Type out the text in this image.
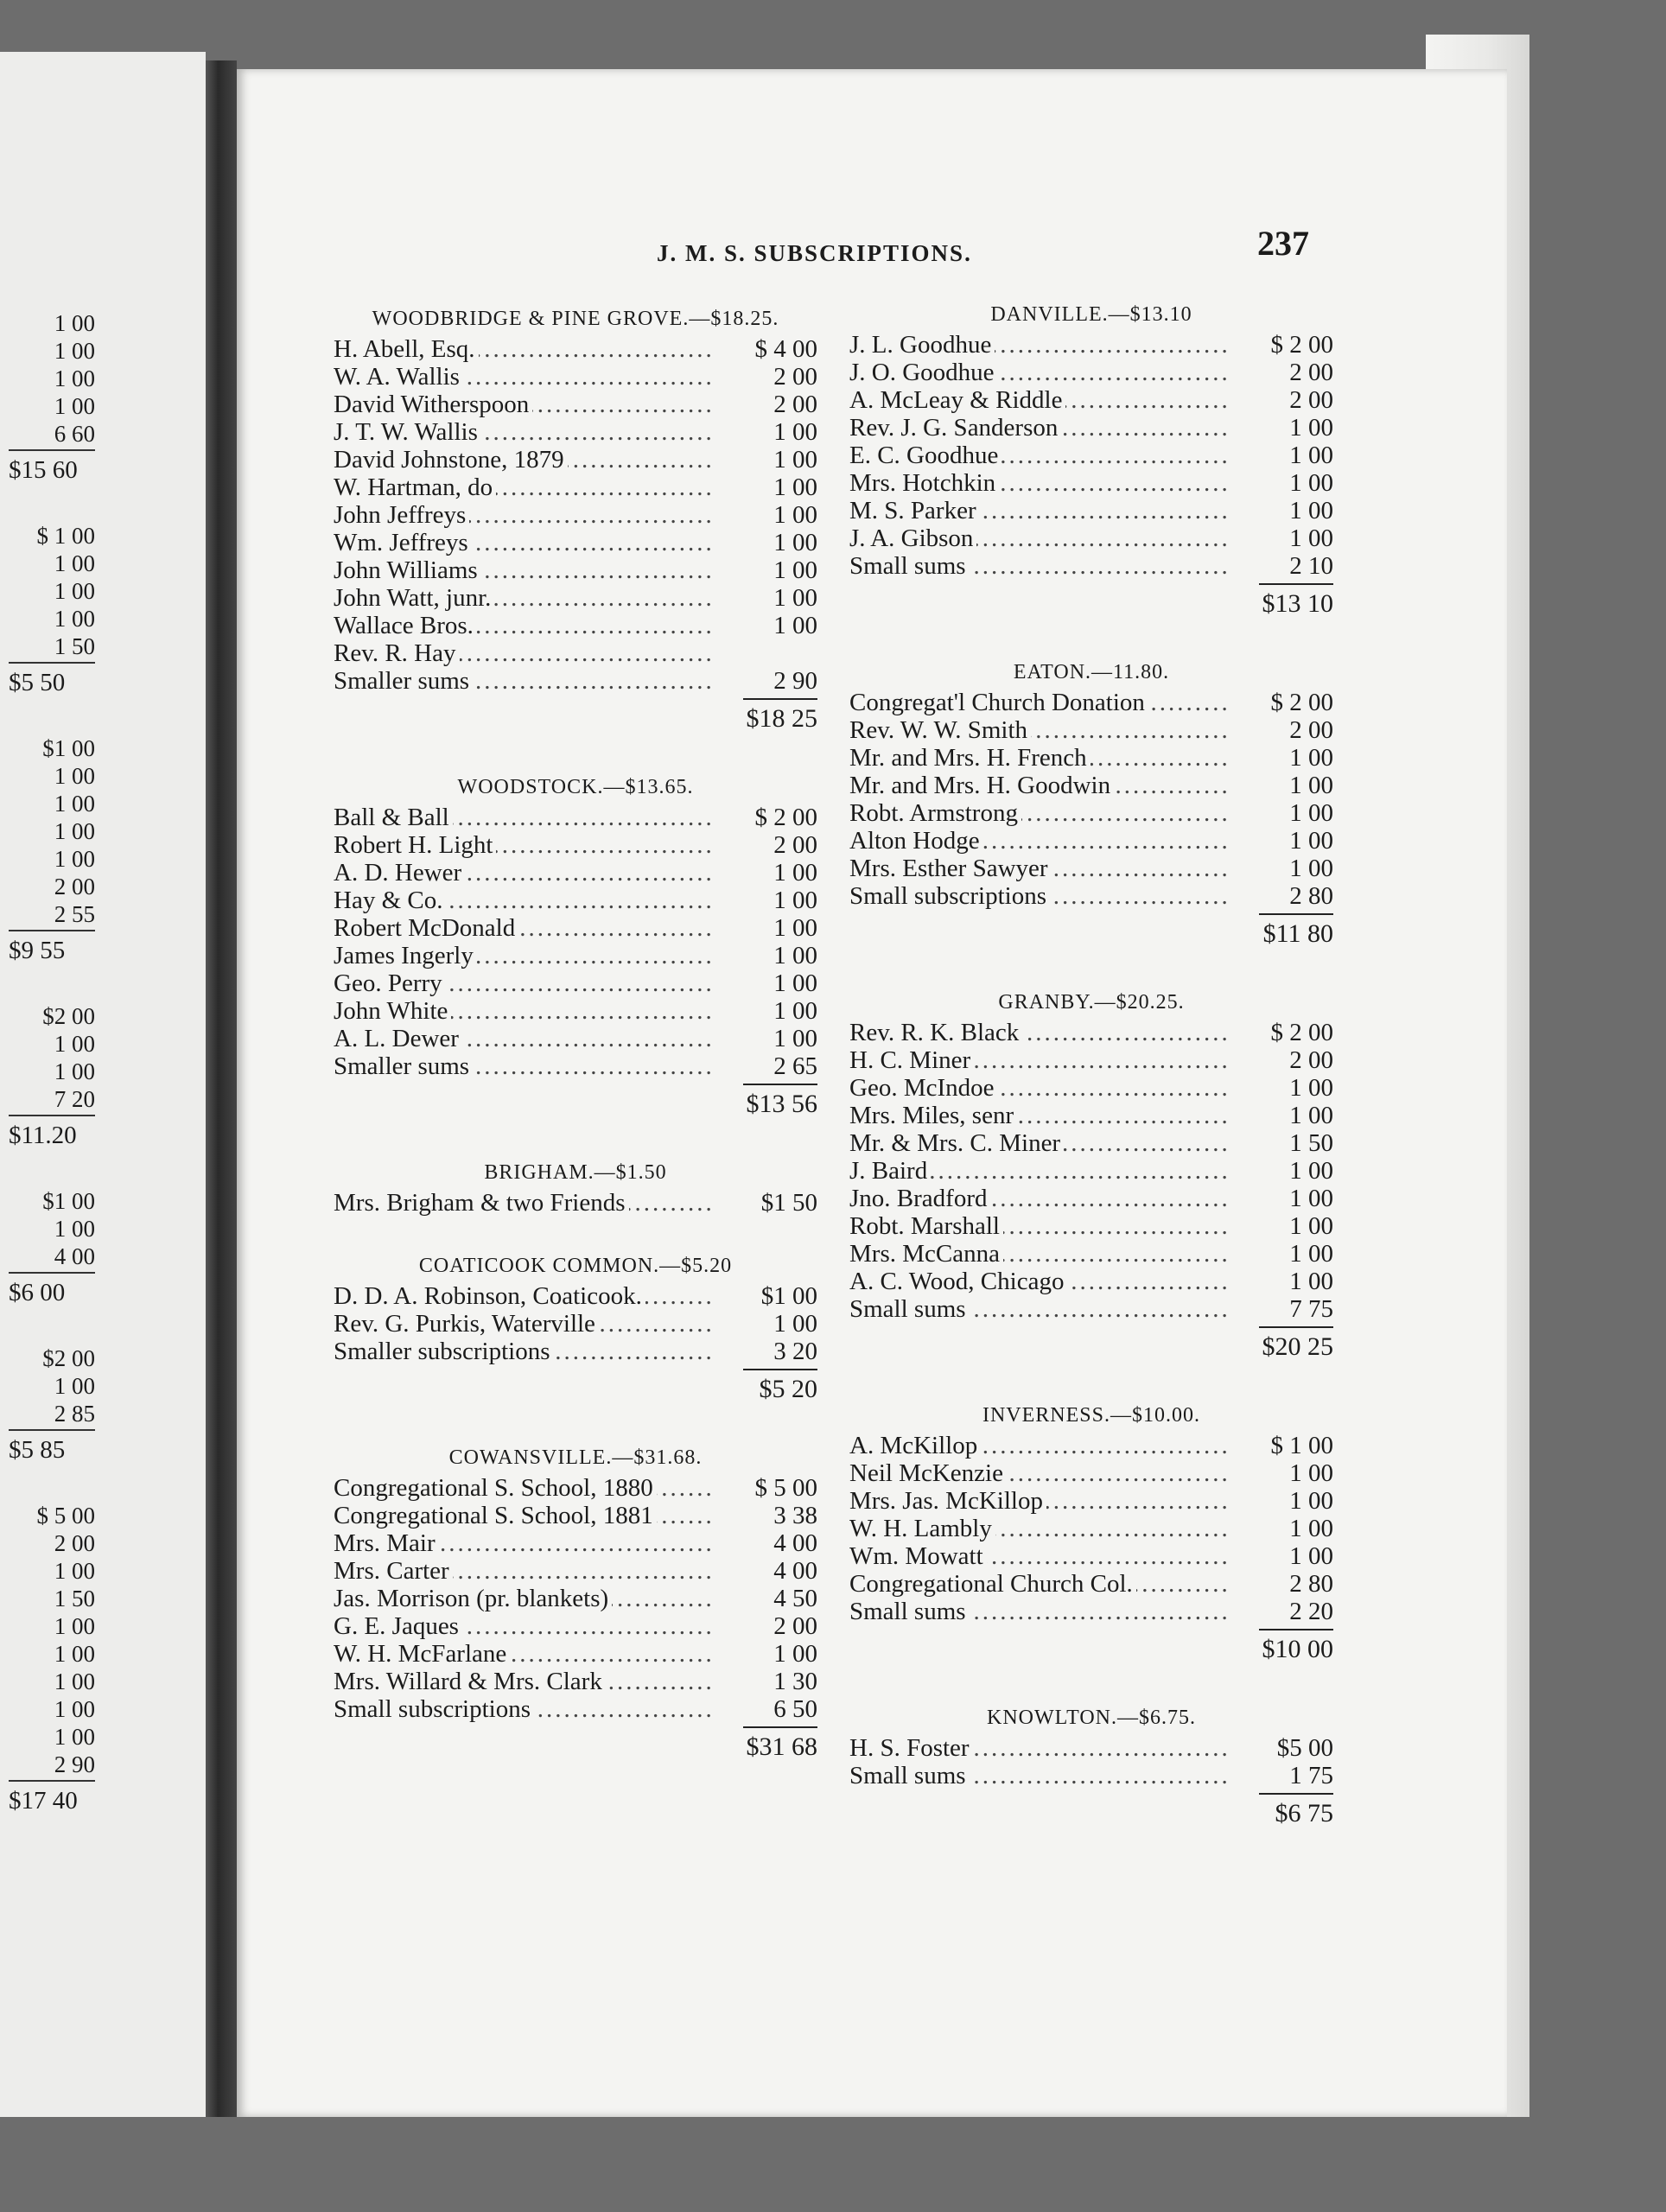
J. M. S. SUBSCRIPTIONS.	237
1 00
1 00
1 00
1 00
6 60
$15 60
$ 1 00
1 00
1 00
1 00
1 50
$5 50
$1 00
1 00
1 00
1 00
1 00
2 00
2 55
$9 55
$2 00
1 00
1 00
7 20
$11.20
$1 00
1 00
4 00
$6 00
$2 00
1 00
2 85
$5 85
$ 5 00
2 00
1 00
1 50
1 00
1 00
1 00
1 00
1 00
2 90
$17 40
WOODBRIDGE & PINE GROVE.—$18.25.
H. Abell, Esq. .....	$ 4 00
W. A. Wallis .....	2 00
David Witherspoon .....	2 00
J. T. W. Wallis .....	1 00
David Johnstone, 1879 .....	1 00
W. Hartman, do .....	1 00
John Jeffreys .....	1 00
Wm. Jeffreys .....	1 00
John Williams .....	1 00
John Watt, junr. .....	1 00
Wallace Bros. .....	1 00
Rev. R. Hay .....
Smaller sums .....	2 90
$18 25
WOODSTOCK.—$13.65.
Ball & Ball .....	$ 2 00
Robert H. Light .....	2 00
A. D. Hewer .....	1 00
Hay & Co. .....	1 00
Robert McDonald .....	1 00
James Ingerly .....	1 00
Geo. Perry .....	1 00
John White .....	1 00
A. L. Dewer .....	1 00
Smaller sums .....	2 65
$13 56
BRIGHAM.—$1.50
Mrs. Brigham & two Friends .....	$1 50
COATICOOK COMMON.—$5.20
D. D. A. Robinson, Coaticook. .....	$1 00
Rev. G. Purkis, Waterville .....	1 00
Smaller subscriptions .....	3 20
$5 20
COWANSVILLE.—$31.68.
Congregational S. School, 1880 .....	$ 5 00
Congregational S. School, 1881 .....	3 38
Mrs. Mair .....	4 00
Mrs. Carter .....	4 00
Jas. Morrison (pr. blankets) .....	4 50
G. E. Jaques .....	2 00
W. H. McFarlane .....	1 00
Mrs. Willard & Mrs. Clark .....	1 30
Small subscriptions .....	6 50
$31 68
DANVILLE.—$13.10
J. L. Goodhue .....	$ 2 00
J. O. Goodhue .....	2 00
A. McLeay & Riddle .....	2 00
Rev. J. G. Sanderson .....	1 00
E. C. Goodhue .....	1 00
Mrs. Hotchkin .....	1 00
M. S. Parker .....	1 00
J. A. Gibson .....	1 00
Small sums .....	2 10
$13 10
EATON.—11.80.
Congregat'l Church Donation .....	$ 2 00
Rev. W. W. Smith .....	2 00
Mr. and Mrs. H. French .....	1 00
Mr. and Mrs. H. Goodwin .....	1 00
Robt. Armstrong .....	1 00
Alton Hodge .....	1 00
Mrs. Esther Sawyer .....	1 00
Small subscriptions .....	2 80
$11 80
GRANBY.—$20.25.
Rev. R. K. Black .....	$ 2 00
H. C. Miner .....	2 00
Geo. McIndoe .....	1 00
Mrs. Miles, senr .....	1 00
Mr. & Mrs. C. Miner .....	1 50
J. Baird .....	1 00
Jno. Bradford .....	1 00
Robt. Marshall .....	1 00
Mrs. McCanna .....	1 00
A. C. Wood, Chicago .....	1 00
Small sums .....	7 75
$20 25
INVERNESS.—$10.00.
A. McKillop .....	$ 1 00
Neil McKenzie .....	1 00
Mrs. Jas. McKillop .....	1 00
W. H. Lambly .....	1 00
Wm. Mowatt .....	1 00
Congregational Church Col. .....	2 80
Small sums .....	2 20
$10 00
KNOWLTON.—$6.75.
H. S. Foster .....	$5 00
Small sums .....	1 75
$6 75
